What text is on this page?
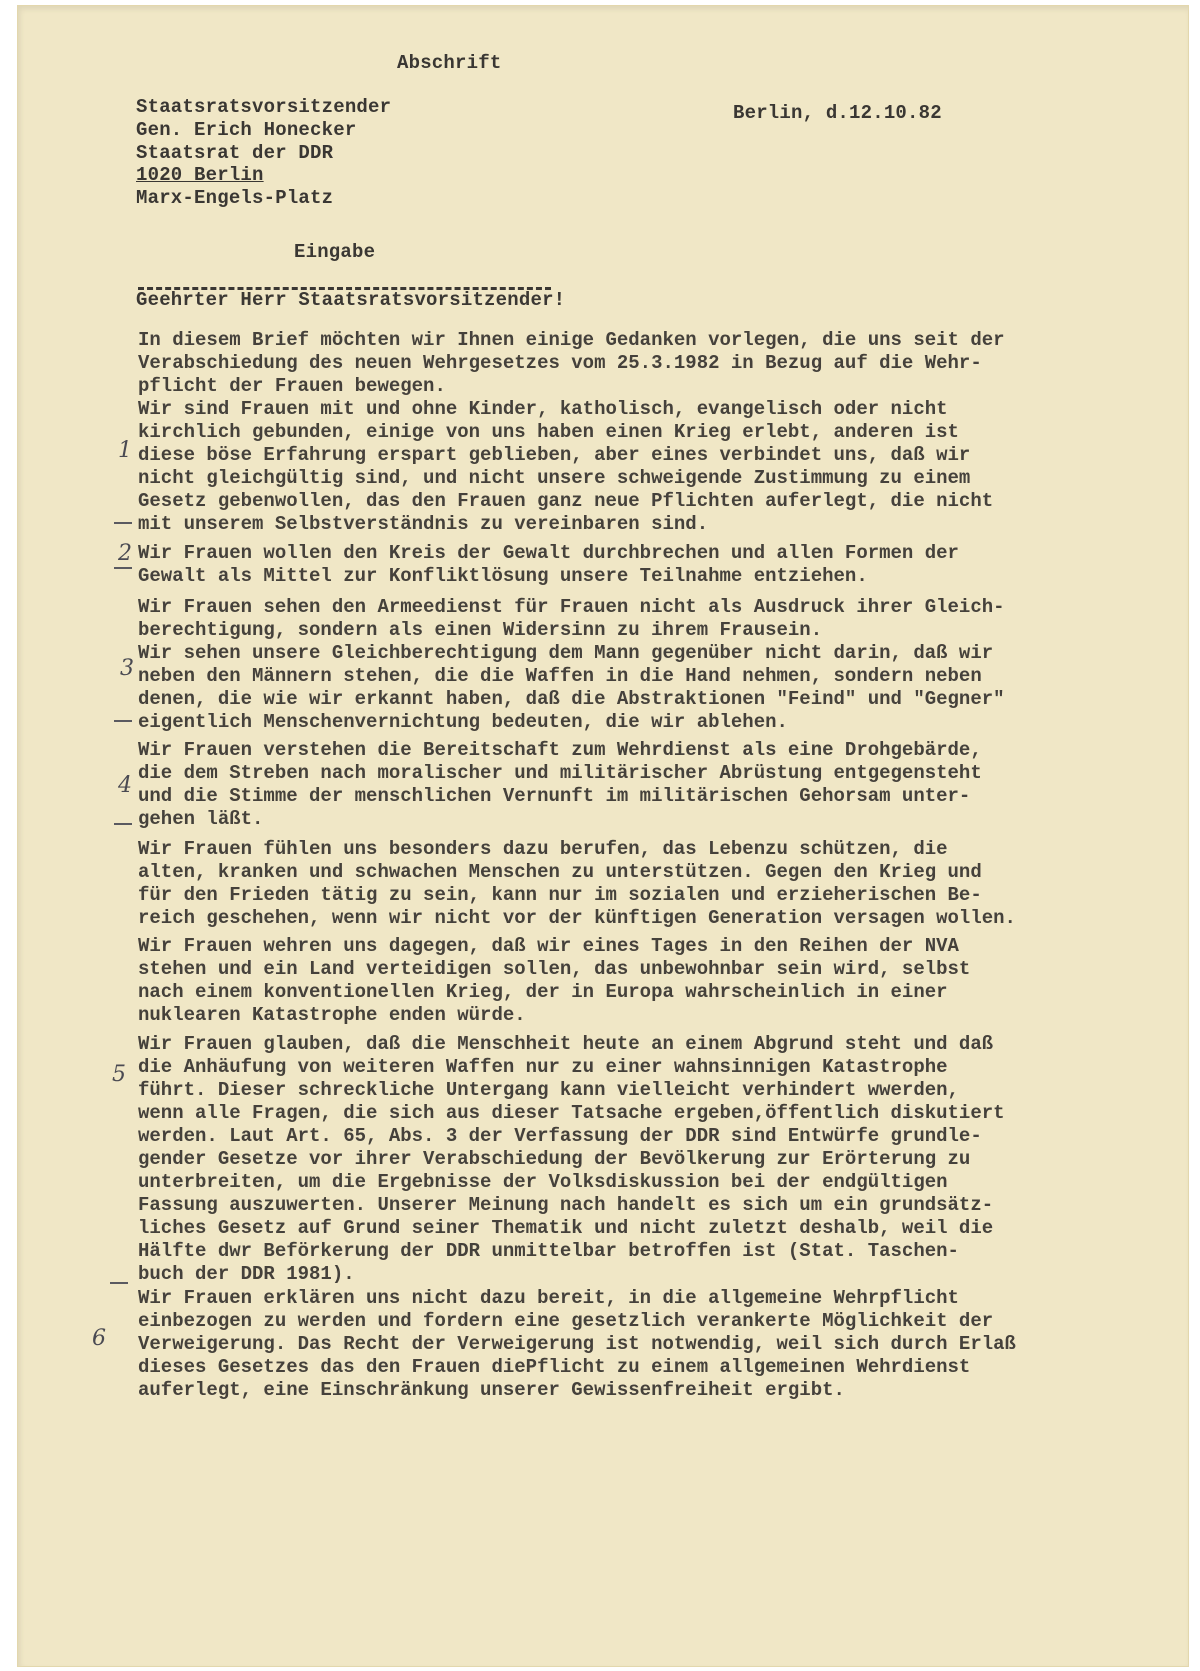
Abschrift
Staatsratsvorsitzender
Gen. Erich Honecker
Staatsrat der DDR
1020 Berlin
Marx-Engels-Platz
Berlin, d.12.10.82
Eingabe
Geehrter Herr Staatsratsvorsitzender!
In diesem Brief möchten wir Ihnen einige Gedanken vorlegen, die uns seit der
Verabschiedung des neuen Wehrgesetzes vom 25.3.1982 in Bezug auf die Wehr-
pflicht der Frauen bewegen.
Wir sind Frauen mit und ohne Kinder, katholisch, evangelisch oder nicht
kirchlich gebunden, einige von uns haben einen Krieg erlebt, anderen ist
diese böse Erfahrung erspart geblieben, aber eines verbindet uns, daß wir
nicht gleichgültig sind, und nicht unsere schweigende Zustimmung zu einem
Gesetz gebenwollen, das den Frauen ganz neue Pflichten auferlegt, die nicht
mit unserem Selbstverständnis zu vereinbaren sind.
Wir Frauen wollen den Kreis der Gewalt durchbrechen und allen Formen der
Gewalt als Mittel zur Konfliktlösung unsere Teilnahme entziehen.
Wir Frauen sehen den Armeedienst für Frauen nicht als Ausdruck ihrer Gleich-
berechtigung, sondern als einen Widersinn zu ihrem Frausein.
Wir sehen unsere Gleichberechtigung dem Mann gegenüber nicht darin, daß wir
neben den Männern stehen, die die Waffen in die Hand nehmen, sondern neben
denen, die wie wir erkannt haben, daß die Abstraktionen "Feind" und "Gegner"
eigentlich Menschenvernichtung bedeuten, die wir ablehen.
Wir Frauen verstehen die Bereitschaft zum Wehrdienst als eine Drohgebärde,
die dem Streben nach moralischer und militärischer Abrüstung entgegensteht
und die Stimme der menschlichen Vernunft im militärischen Gehorsam unter-
gehen läßt.
Wir Frauen fühlen uns besonders dazu berufen, das Lebenzu schützen, die
alten, kranken und schwachen Menschen zu unterstützen. Gegen den Krieg und
für den Frieden tätig zu sein, kann nur im sozialen und erzieherischen Be-
reich geschehen, wenn wir nicht vor der künftigen Generation versagen wollen.
Wir Frauen wehren uns dagegen, daß wir eines Tages in den Reihen der NVA
stehen und ein Land verteidigen sollen, das unbewohnbar sein wird, selbst
nach einem konventionellen Krieg, der in Europa wahrscheinlich in einer
nuklearen Katastrophe enden würde.
Wir Frauen glauben, daß die Menschheit heute an einem Abgrund steht und daß
die Anhäufung von weiteren Waffen nur zu einer wahnsinnigen Katastrophe
führt. Dieser schreckliche Untergang kann vielleicht verhindert wwerden,
wenn alle Fragen, die sich aus dieser Tatsache ergeben,öffentlich diskutiert
werden. Laut Art. 65, Abs. 3 der Verfassung der DDR sind Entwürfe grundle-
gender Gesetze vor ihrer Verabschiedung der Bevölkerung zur Erörterung zu
unterbreiten, um die Ergebnisse der Volksdiskussion bei der endgültigen
Fassung auszuwerten. Unserer Meinung nach handelt es sich um ein grundsätz-
liches Gesetz auf Grund seiner Thematik und nicht zuletzt deshalb, weil die
Hälfte dwr Beförkerung der DDR unmittelbar betroffen ist (Stat. Taschen-
buch der DDR 1981).
Wir Frauen erklären uns nicht dazu bereit, in die allgemeine Wehrpflicht
einbezogen zu werden und fordern eine gesetzlich verankerte Möglichkeit der
Verweigerung. Das Recht der Verweigerung ist notwendig, weil sich durch Erlaß
dieses Gesetzes das den Frauen diePflicht zu einem allgemeinen Wehrdienst
auferlegt, eine Einschränkung unserer Gewissenfreiheit ergibt.
1
2
3
4
5
6
